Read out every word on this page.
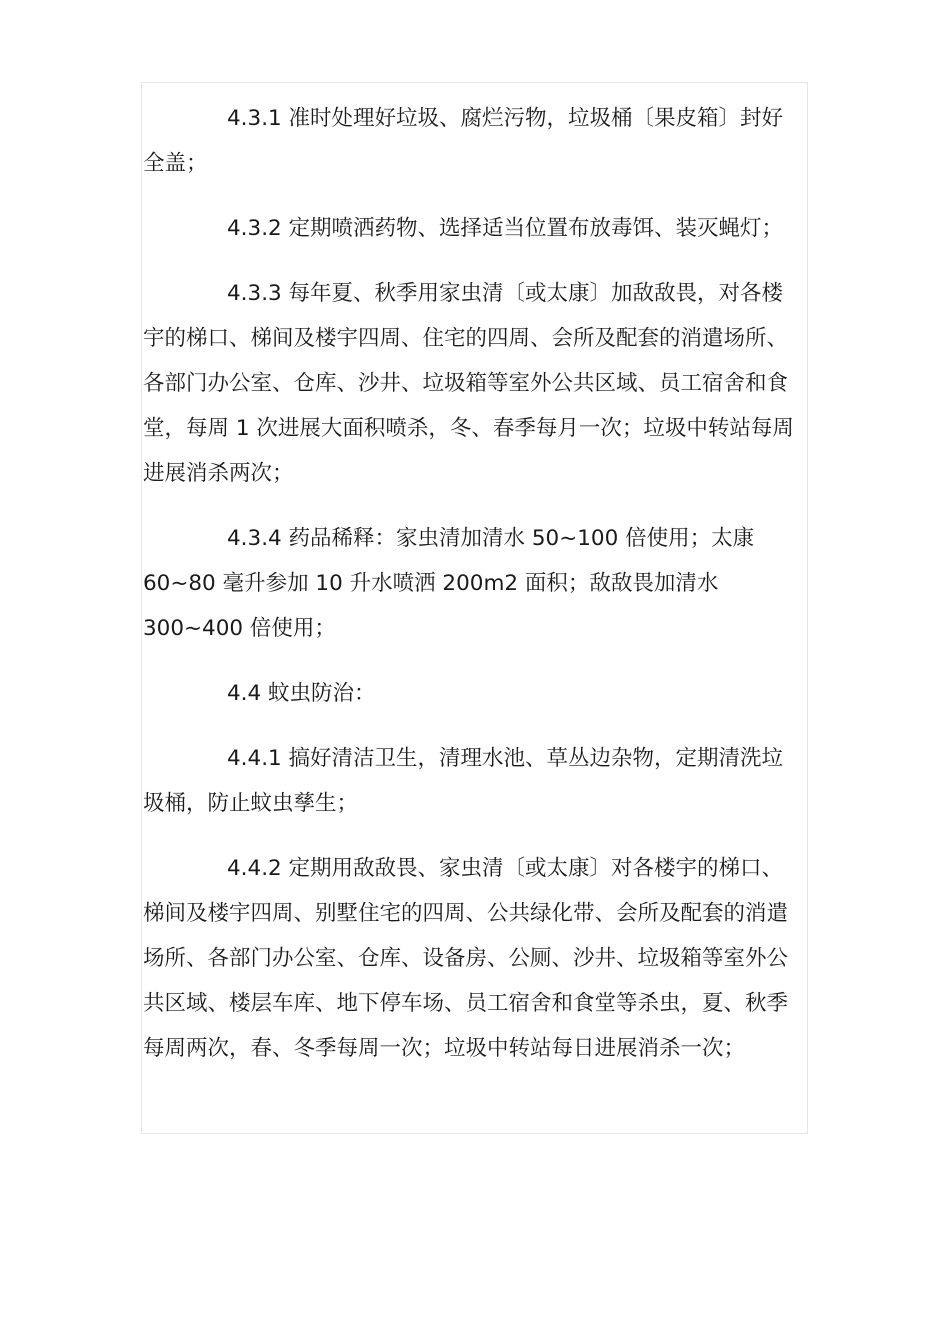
4.3.1 准时处理好垃圾、腐烂污物，垃圾桶〔果皮箱〕封好
全盖；
4.3.2 定期喷洒药物、选择适当位置布放毒饵、装灭蝇灯；
4.3.3 每年夏、秋季用家虫清〔或太康〕加敌敌畏，对各楼
宇的梯口、梯间及楼宇四周、住宅的四周、会所及配套的消遣场所、
各部门办公室、仓库、沙井、垃圾箱等室外公共区域、员工宿舍和食
堂，每周 1 次进展大面积喷杀，冬、春季每月一次；垃圾中转站每周
进展消杀两次；
4.3.4 药品稀释：家虫清加清水 50~100 倍使用；太康
60~80 毫升参加 10 升水喷洒 200m2 面积；敌敌畏加清水
300~400 倍使用；
4.4 蚊虫防治：
4.4.1 搞好清洁卫生，清理水池、草丛边杂物，定期清洗垃
圾桶，防止蚊虫孳生；
4.4.2 定期用敌敌畏、家虫清〔或太康〕对各楼宇的梯口、
梯间及楼宇四周、别墅住宅的四周、公共绿化带、会所及配套的消遣
场所、各部门办公室、仓库、设备房、公厕、沙井、垃圾箱等室外公
共区域、楼层车库、地下停车场、员工宿舍和食堂等杀虫，夏、秋季
每周两次，春、冬季每周一次；垃圾中转站每日进展消杀一次；
